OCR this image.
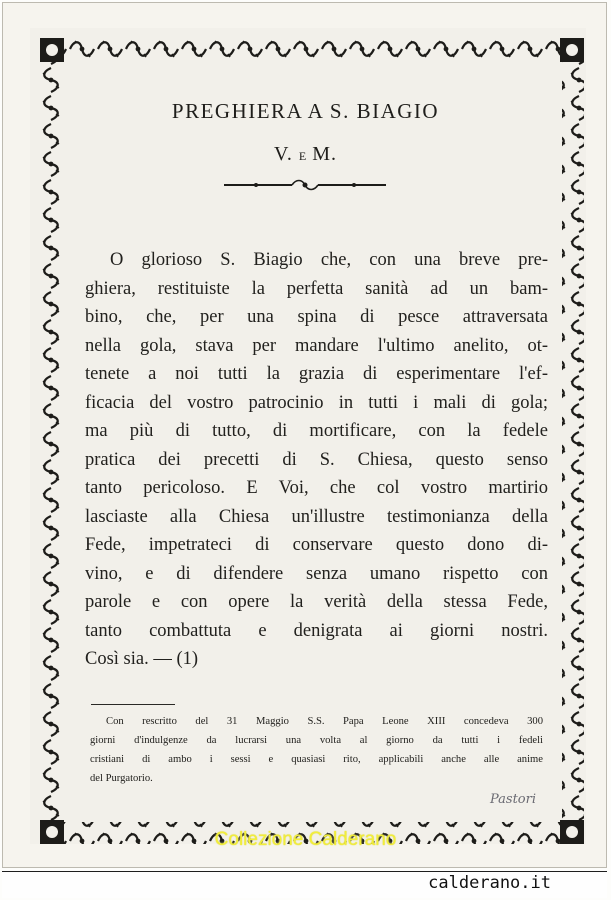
PREGHIERA A S. BIAGIO
V. E M.
O glorioso S. Biagio che, con una breve pre-
ghiera, restituiste la perfetta sanità ad un bam-
bino, che, per una spina di pesce attraversata
nella gola, stava per mandare l'ultimo anelito, ot-
tenete a noi tutti la grazia di esperimentare l'ef-
ficacia del vostro patrocinio in tutti i mali di gola;
ma più di tutto, di mortificare, con la fedele
pratica dei precetti di S. Chiesa, questo senso
tanto pericoloso. E Voi, che col vostro martirio
lasciaste alla Chiesa un'illustre testimonianza della
Fede, impetrateci di conservare questo dono di-
vino, e di difendere senza umano rispetto con
parole e con opere la verità della stessa Fede,
tanto combattuta e denigrata ai giorni nostri.
Così sia. — (1)
Con rescritto del 31 Maggio S.S. Papa Leone XIII concedeva 300
giorni d'indulgenze da lucrarsi una volta al giorno da tutti i fedeli
cristiani di ambo i sessi e quasiasi rito, applicabili anche alle anime
del Purgatorio.
Pastori
Collezione Calderano
calderano.it
